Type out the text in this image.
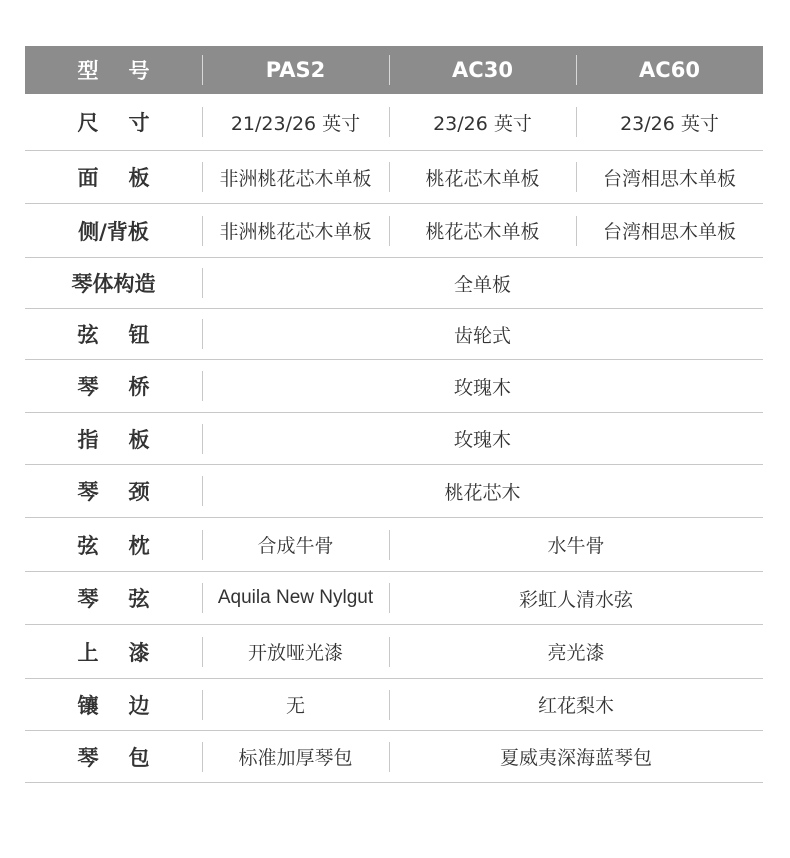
型 号	PAS2	AC30	AC60
尺 寸	21/23/26 英寸	23/26 英寸	23/26 英寸
面 板	非洲桃花芯木单板	桃花芯木单板	台湾相思木单板
侧/背板	非洲桃花芯木单板	桃花芯木单板	台湾相思木单板
琴体构造	全单板
弦 钮	齿轮式
琴 桥	玫瑰木
指 板	玫瑰木
琴 颈	桃花芯木
弦 枕	合成牛骨	水牛骨
琴 弦	Aquila New Nylgut	彩虹人清水弦
上 漆	开放哑光漆	亮光漆
镶 边	无	红花梨木
琴 包	标准加厚琴包	夏威夷深海蓝琴包
